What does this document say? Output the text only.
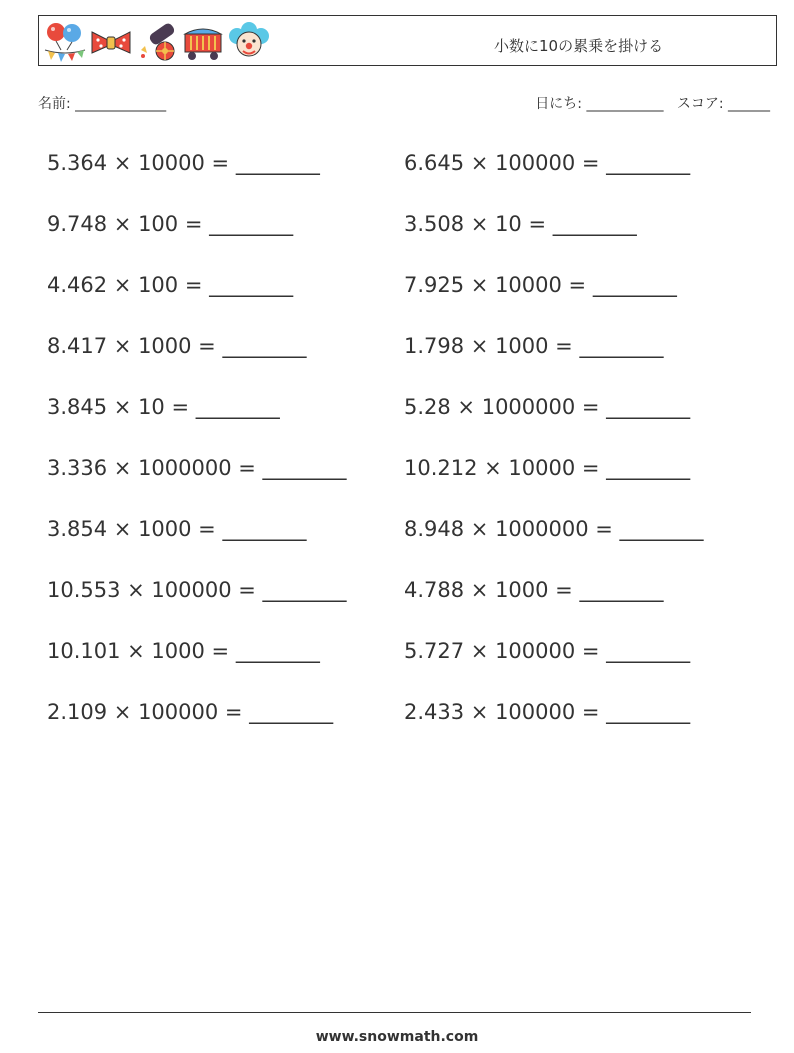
小数に10の累乗を掛ける
名前: _____________	日にち: ___________ スコア: ______
5.364 × 10000 = ________	6.645 × 100000 = ________
9.748 × 100 = ________	3.508 × 10 = ________
4.462 × 100 = ________	7.925 × 10000 = ________
8.417 × 1000 = ________	1.798 × 1000 = ________
3.845 × 10 = ________	5.28 × 1000000 = ________
3.336 × 1000000 = ________	10.212 × 10000 = ________
3.854 × 1000 = ________	8.948 × 1000000 = ________
10.553 × 100000 = ________	4.788 × 1000 = ________
10.101 × 1000 = ________	5.727 × 100000 = ________
2.109 × 100000 = ________	2.433 × 100000 = ________
www.snowmath.com
